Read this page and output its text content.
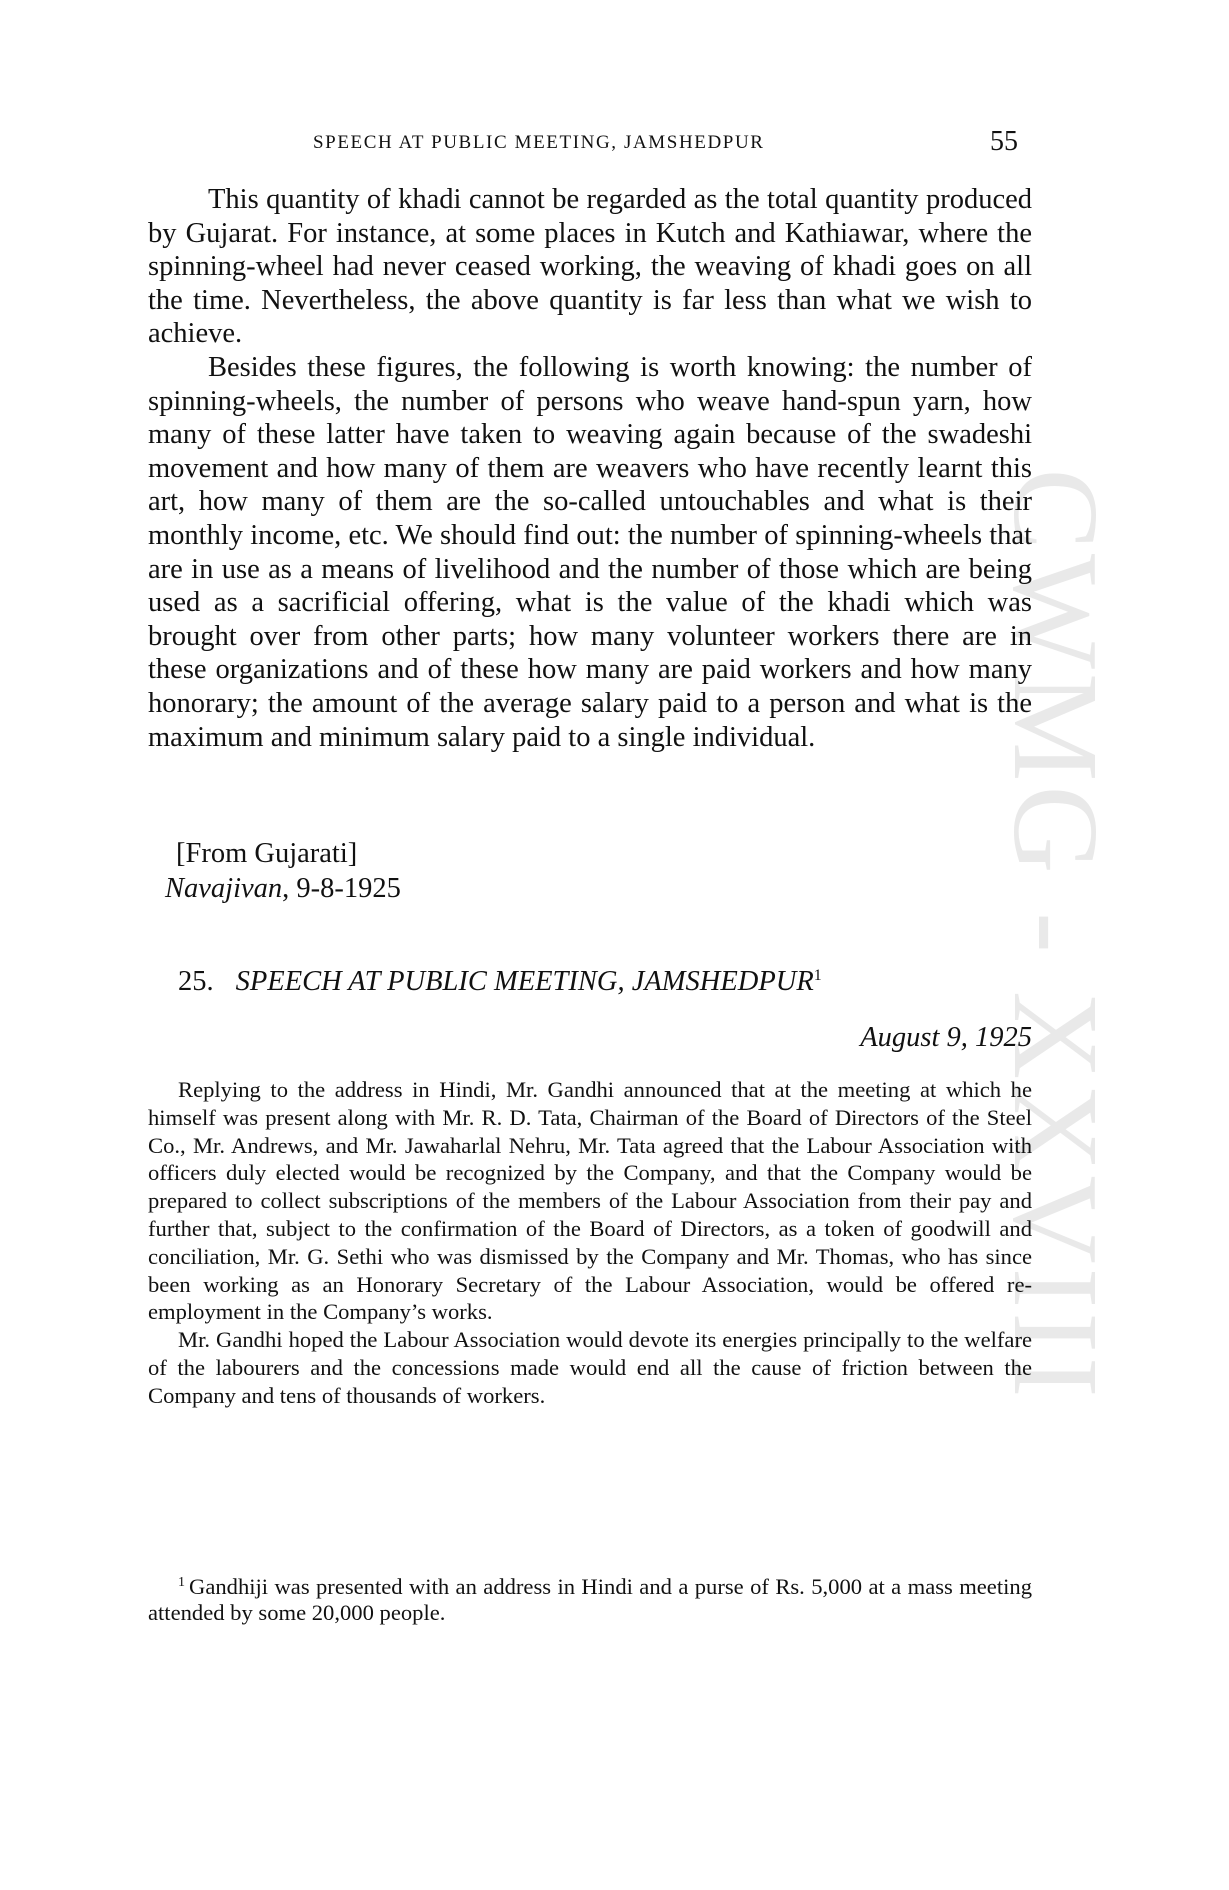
CWMG - XXVIII
SPEECH AT PUBLIC MEETING, JAMSHEDPUR	55

This quantity of khadi cannot be regarded as the total quantity produced by Gujarat. For instance, at some places in Kutch and Kathiawar, where the spinning-wheel had never ceased working, the weaving of khadi goes on all the time. Nevertheless, the above quantity is far less than what we wish to achieve.

Besides these figures, the following is worth knowing: the number of spinning-wheels, the number of persons who weave hand-spun yarn, how many of these latter have taken to weaving again because of the swadeshi movement and how many of them are weavers who have recently learnt this art, how many of them are the so-called untouchables and what is their monthly income, etc. We should find out: the number of spinning-wheels that are in use as a means of livelihood and the number of those which are being used as a sacrificial offering, what is the value of the khadi which was brought over from other parts; how many volunteer workers there are in these organizations and of these how many are paid workers and how many honorary; the amount of the average salary paid to a person and what is the maximum and minimum salary paid to a single individual.

[From Gujarati]
Navajivan, 9-8-1925
25. SPEECH AT PUBLIC MEETING, JAMSHEDPUR$^1$
August 9, 1925

Replying to the address in Hindi, Mr. Gandhi announced that at the meeting at which he himself was present along with Mr. R. D. Tata, Chairman of the Board of Directors of the Steel Co., Mr. Andrews, and Mr. Jawaharlal Nehru, Mr. Tata agreed that the Labour Association with officers duly elected would be recognized by the Company, and that the Company would be prepared to collect subscriptions of the members of the Labour Association from their pay and further that, subject to the confirmation of the Board of Directors, as a token of goodwill and conciliation, Mr. G. Sethi who was dismissed by the Company and Mr. Thomas, who has since been working as an Honorary Secretary of the Labour Association, would be offered re-employment in the Company’s works.

Mr. Gandhi hoped the Labour Association would devote its energies principally to the welfare of the labourers and the concessions made would end all the cause of friction between the Company and tens of thousands of workers.

$^1$ Gandhiji was presented with an address in Hindi and a purse of Rs. 5,000 at a mass meeting attended by some 20,000 people.
